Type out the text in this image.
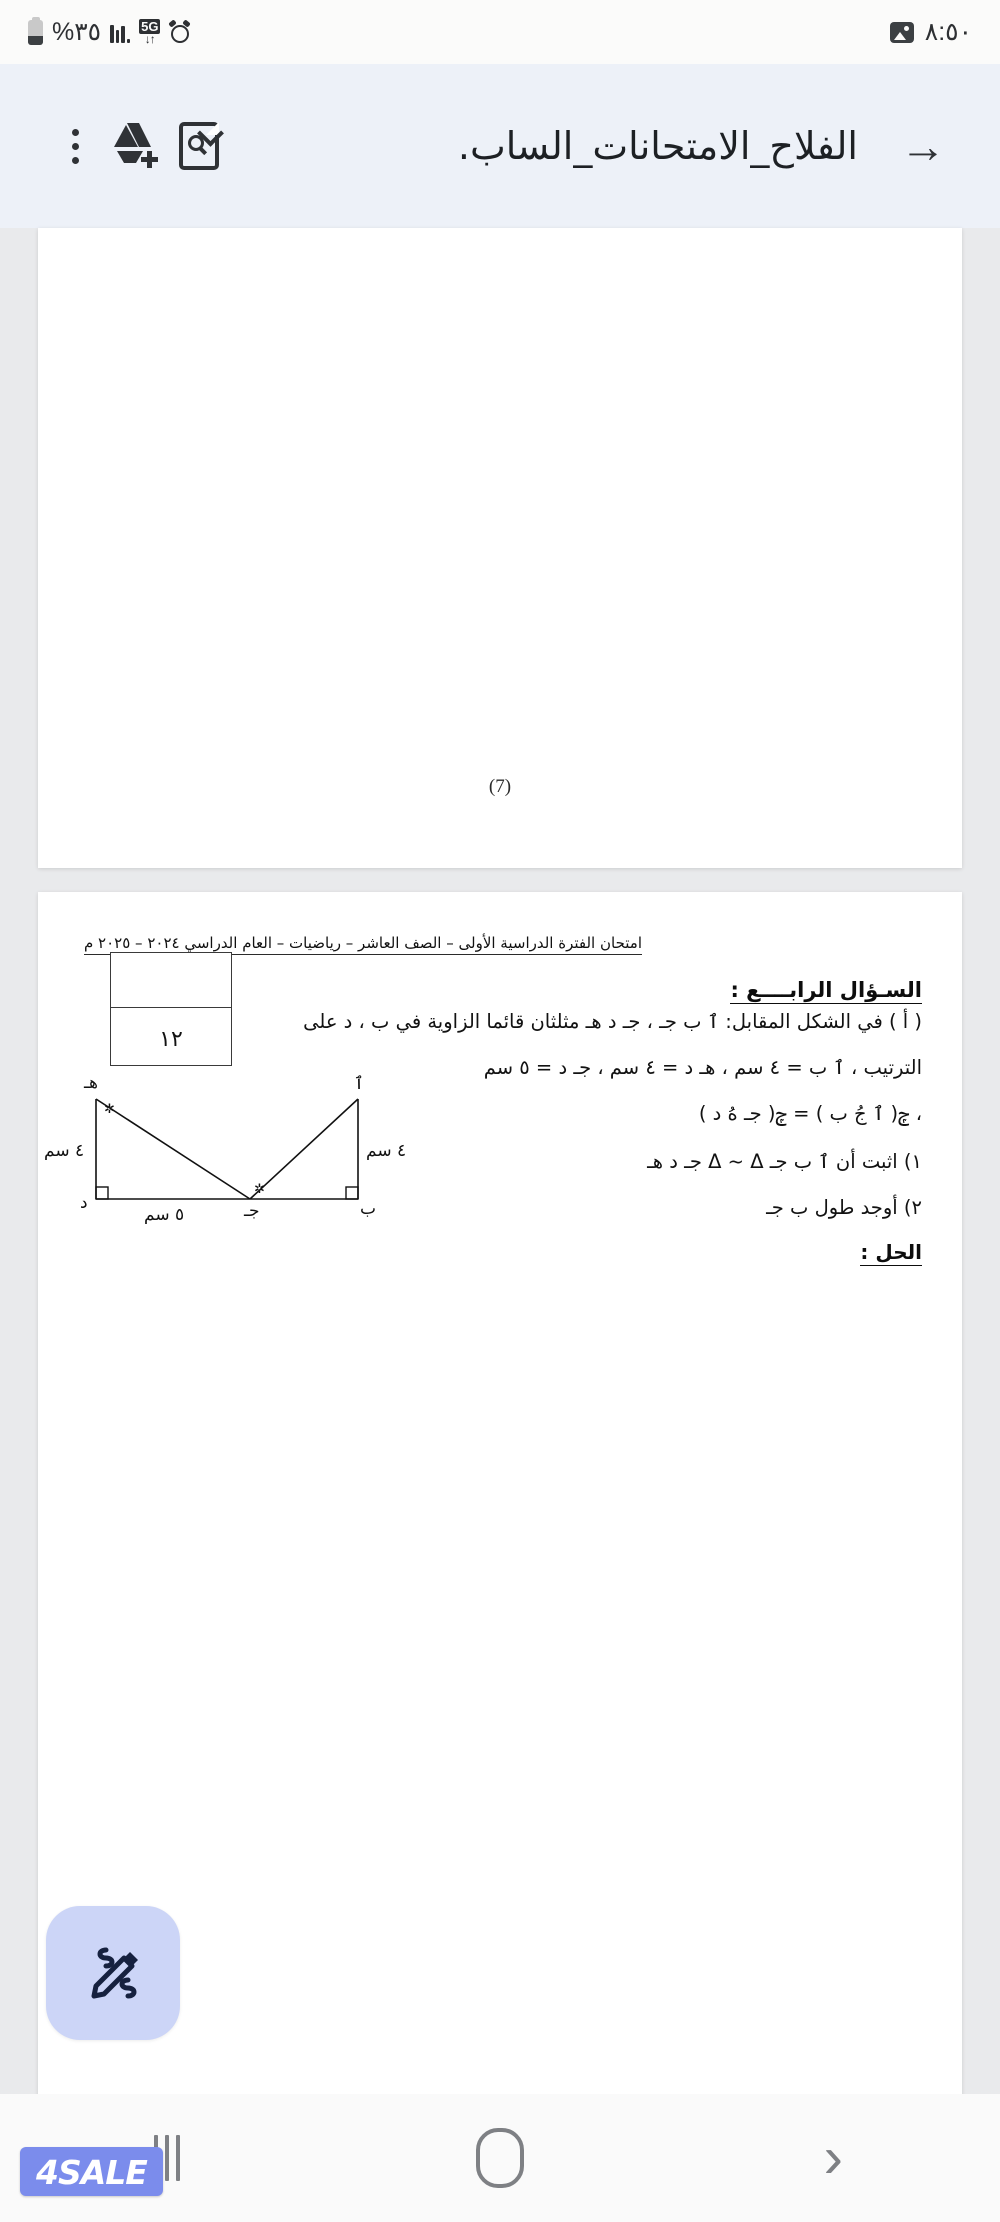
%٣٥	5G
↓↑	٨:٥٠
→
الفلاح_الامتحانات_الساب.
(7)
امتحان الفترة الدراسية الأولى – الصف العاشر – رياضيات – العام الدراسي ٢٠٢٤ – ٢٠٢٥ م
السـؤال الرابــــع :
١٢
( أ ) في الشكل المقابل: ٱ ب جـ ، جـ د هـ مثلثان قائما الزاوية في ب ، د على
الترتيب ، ٱ ب = ٤ سم ، هـ د = ٤ سم ، جـ د = ٥ سم
، ݼ( ٱ جُ ب ) = ݼ( جـ هُ د )
١) اثبت أن ٱ ب جـ Δ ~ Δ جـ د هـ
٢) أوجد طول ب جـ
الحل :
✲
✲
هـ	ٱ
د	جـ	ب
٤ سم
٥ سم
٤ سم
›
4SALE
